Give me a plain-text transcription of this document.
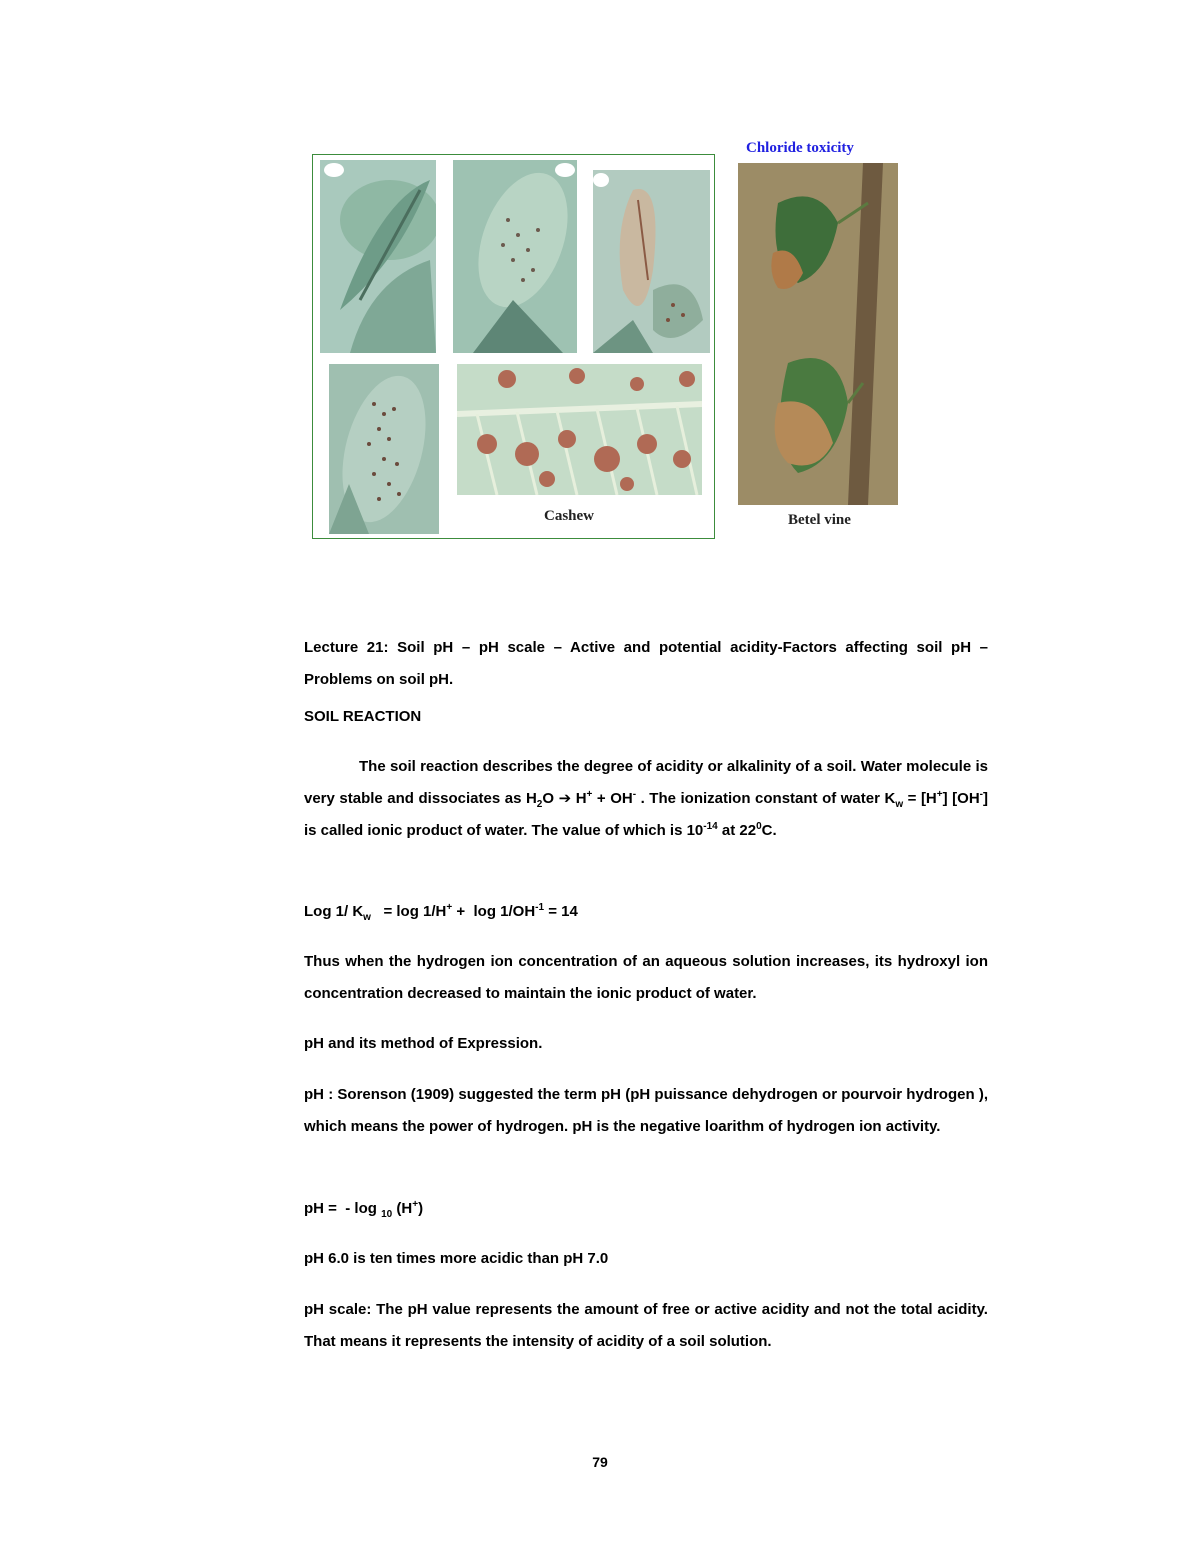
Cashew
Chloride toxicity
Betel vine
Lecture 21: Soil pH – pH scale – Active and potential acidity-Factors affecting soil pH – Problems on soil pH.
SOIL REACTION
The soil reaction describes the degree of acidity or alkalinity of a soil. Water molecule is very stable and dissociates as $H_2O$ ➔ H+ + OH- . The ionization constant of water $K_w = [H^+]$ [OH-] is called ionic product of water. The value of which is $10^{-14}$ at $22^0C$.
Log 1/ $K_w = \log 1/H^+ + \log 1/OH^{-1} = 14$
Thus when the hydrogen ion concentration of an aqueous solution increases, its hydroxyl ion concentration decreased to maintain the ionic product of water.
pH and its method of Expression.
pH : Sorenson (1909) suggested the term pH (pH puissance dehydrogen or pourvoir hydrogen ), which means the power of hydrogen. pH is the negative loarithm of hydrogen ion activity.
pH =  - log $_{10}$ (H+)
pH 6.0 is ten times more acidic than pH 7.0
pH scale: The pH value represents the amount of free or active acidity and not the total acidity. That means it represents the intensity of acidity of a soil solution.
79
